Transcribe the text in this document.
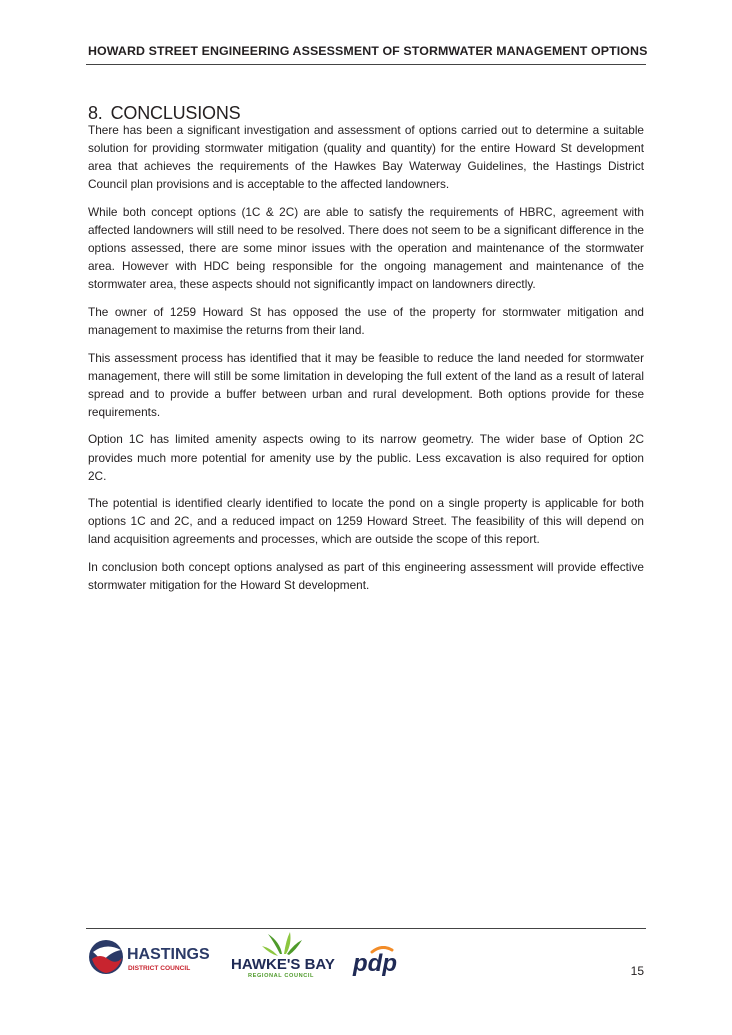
HOWARD STREET ENGINEERING ASSESSMENT OF STORMWATER MANAGEMENT OPTIONS
8. CONCLUSIONS

There has been a significant investigation and assessment of options carried out to determine a suitable solution for providing stormwater mitigation (quality and quantity) for the entire Howard St development area that achieves the requirements of the Hawkes Bay Waterway Guidelines, the Hastings District Council plan provisions and is acceptable to the affected landowners.

While both concept options (1C & 2C) are able to satisfy the requirements of HBRC, agreement with affected landowners will still need to be resolved. There does not seem to be a significant difference in the options assessed, there are some minor issues with the operation and maintenance of the stormwater area. However with HDC being responsible for the ongoing management and maintenance of the stormwater area, these aspects should not significantly impact on landowners directly.

The owner of 1259 Howard St has opposed the use of the property for stormwater mitigation and management to maximise the returns from their land.

This assessment process has identified that it may be feasible to reduce the land needed for stormwater management, there will still be some limitation in developing the full extent of the land as a result of lateral spread and to provide a buffer between urban and rural development. Both options provide for these requirements.

Option 1C has limited amenity aspects owing to its narrow geometry. The wider base of Option 2C provides much more potential for amenity use by the public. Less excavation is also required for option 2C.

The potential is identified clearly identified to locate the pond on a single property is applicable for both options 1C and 2C, and a reduced impact on 1259 Howard Street. The feasibility of this will depend on land acquisition agreements and processes, which are outside the scope of this report.

In conclusion both concept options analysed as part of this engineering assessment will provide effective stormwater mitigation for the Howard St development.

HASTINGS
DISTRICT COUNCIL	HAWKE'S BAY
REGIONAL COUNCIL pdp	15
